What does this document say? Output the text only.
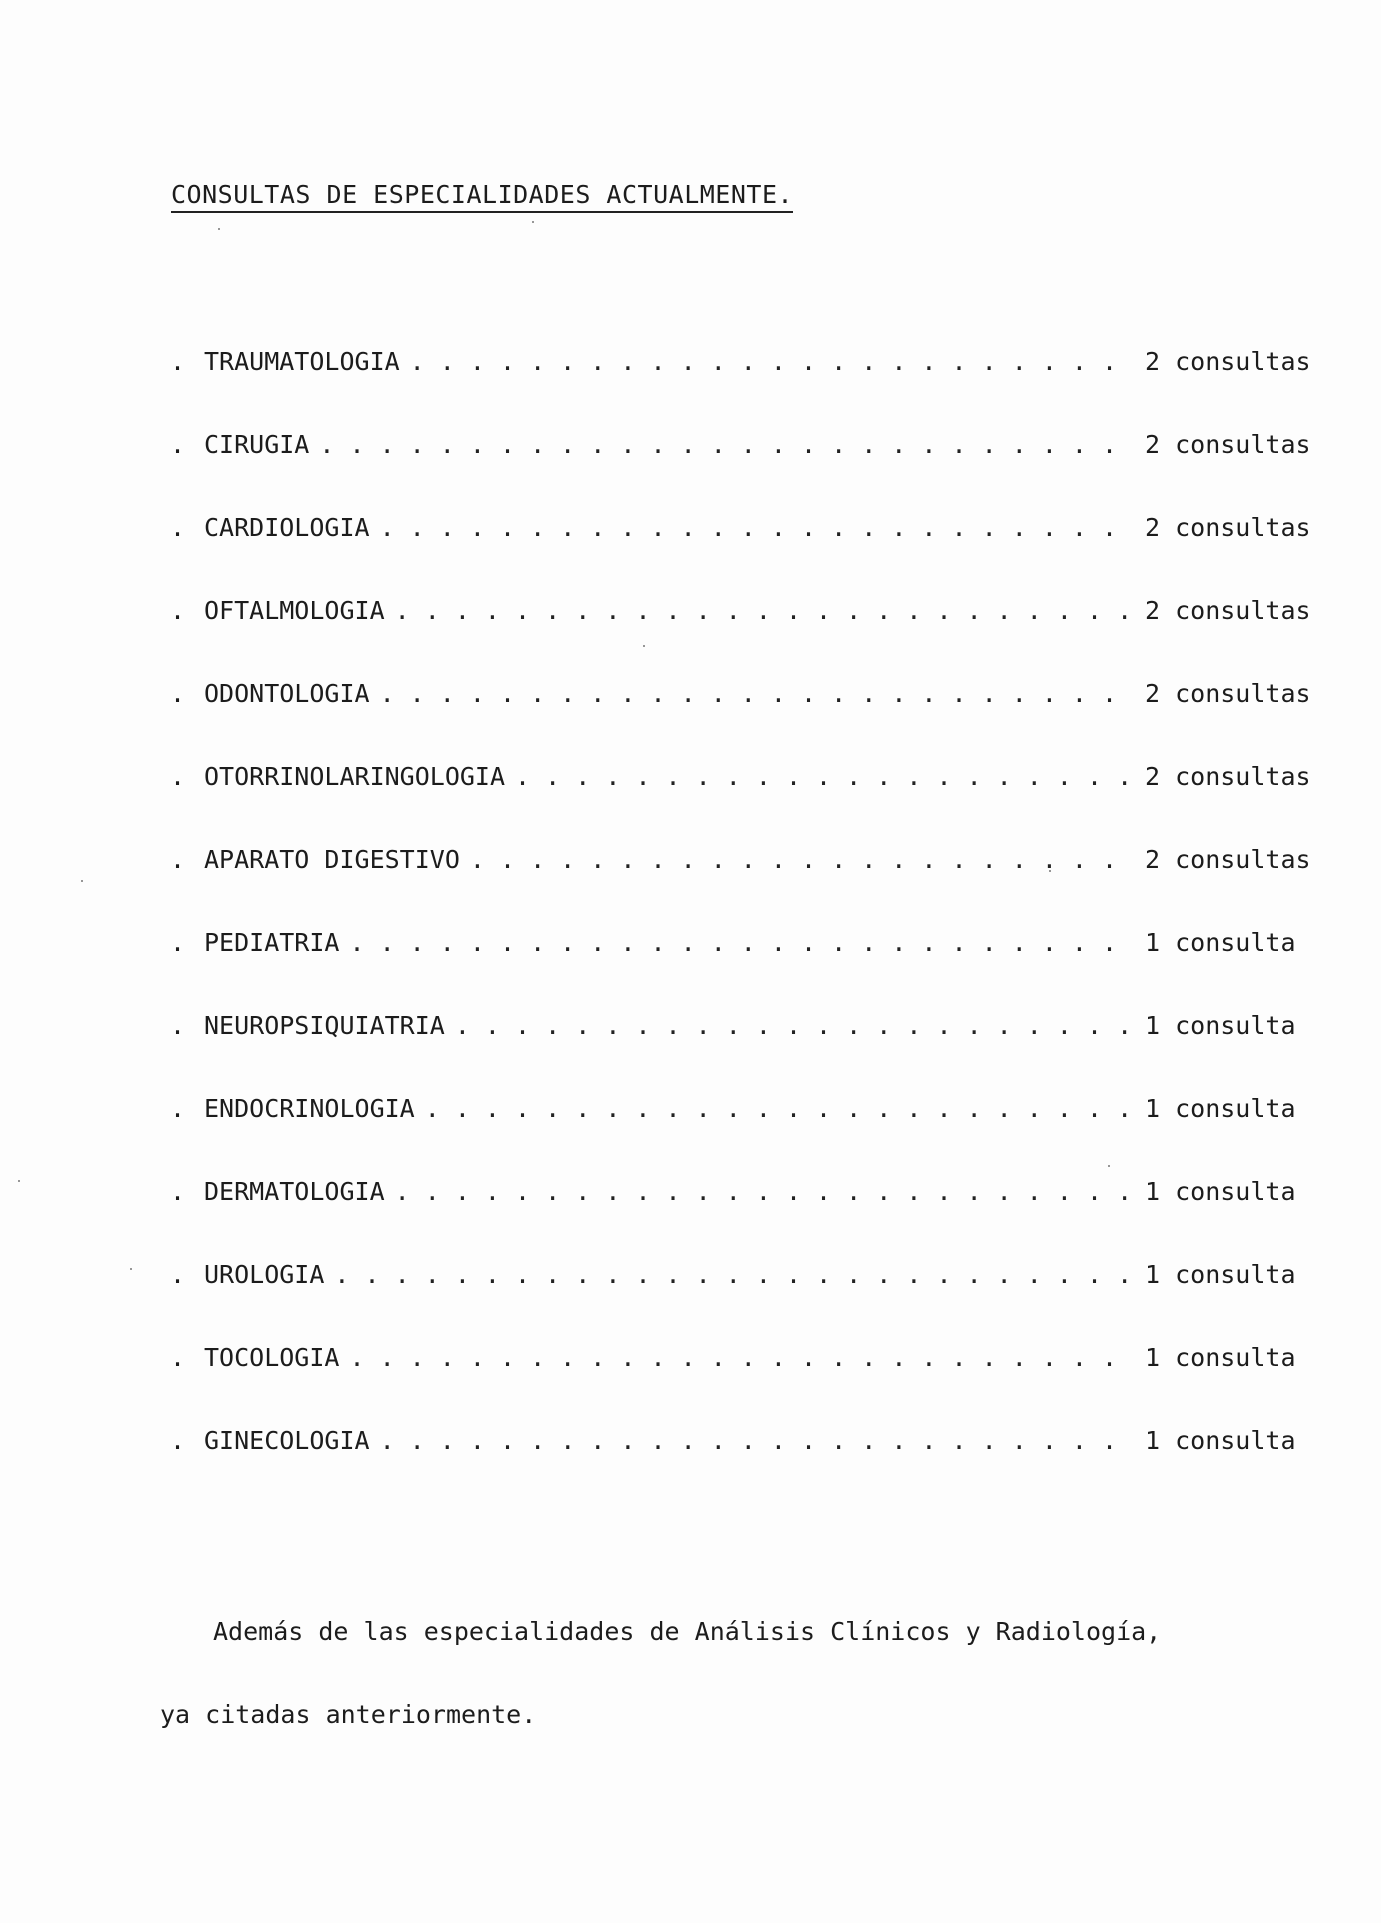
CONSULTAS DE ESPECIALIDADES ACTUALMENTE.
. TRAUMATOLOGIA . . .	2 consultas
. CIRUGIA . . .	2 consultas
. CARDIOLOGIA . . .	2 consultas
. OFTALMOLOGIA . . .	2 consultas
. ODONTOLOGIA . . .	2 consultas
. OTORRINOLARINGOLOGIA . . .	2 consultas
. APARATO DIGESTIVO . . .	2 consultas
. PEDIATRIA . . .	1 consulta
. NEUROPSIQUIATRIA . . .	1 consulta
. ENDOCRINOLOGIA . . .	1 consulta
. DERMATOLOGIA . . .	1 consulta
. UROLOGIA . . .	1 consulta
. TOCOLOGIA . . .	1 consulta
. GINECOLOGIA . . .	1 consulta
Además de las especialidades de Análisis Clínicos y Radiología,
ya citadas anteriormente.
